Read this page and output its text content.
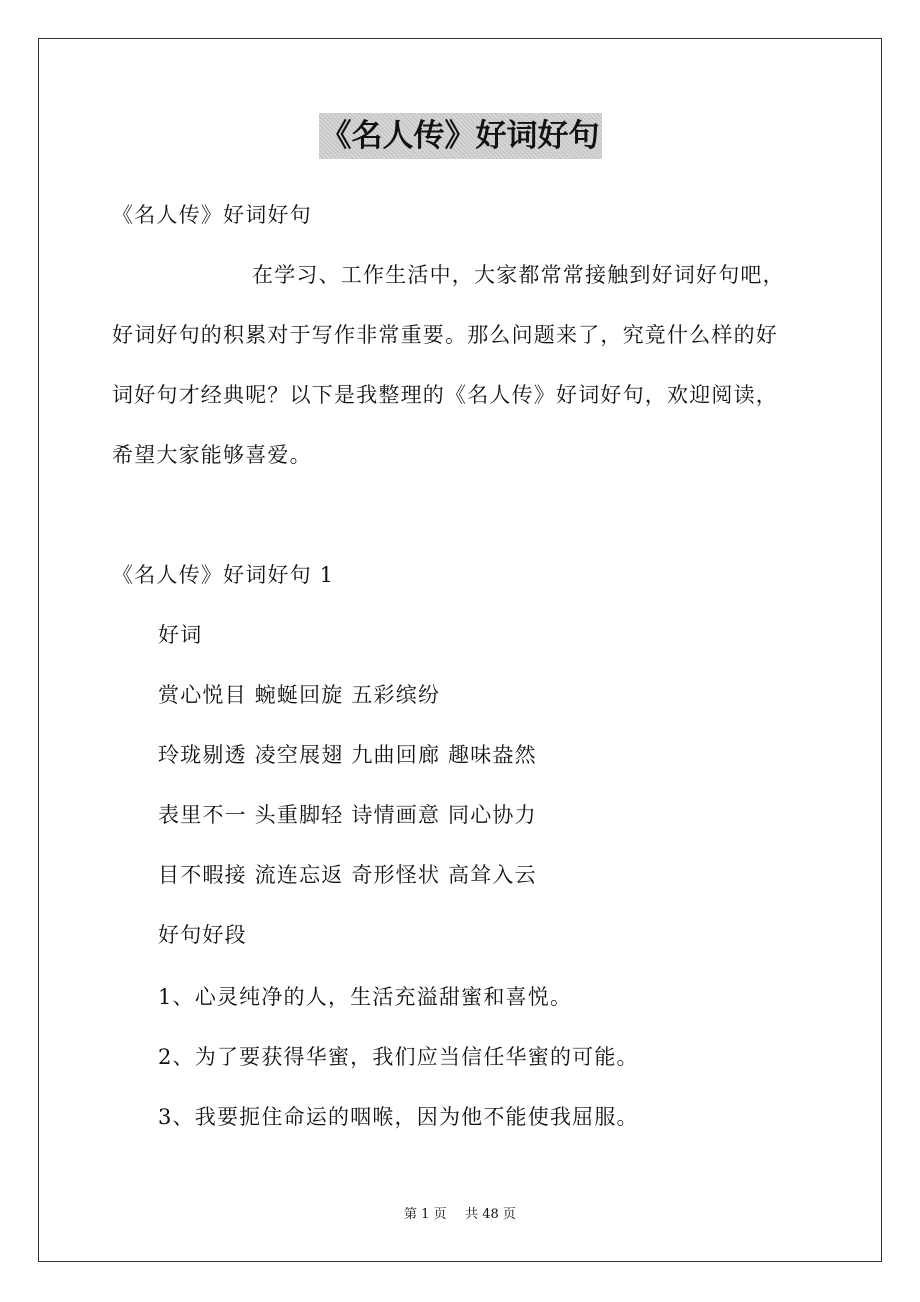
《名人传》好词好句
《名人传》好词好句
在学习、工作生活中，大家都常常接触到好词好句吧，
好词好句的积累对于写作非常重要。那么问题来了，究竟什么样的好
词好句才经典呢？以下是我整理的《名人传》好词好句，欢迎阅读，
希望大家能够喜爱。
《名人传》好词好句 1
好词
赏心悦目 蜿蜒回旋 五彩缤纷
玲珑剔透 凌空展翅 九曲回廊 趣味盎然
表里不一 头重脚轻 诗情画意 同心协力
目不暇接 流连忘返 奇形怪状 高耸入云
好句好段
1、心灵纯净的人，生活充溢甜蜜和喜悦。
2、为了要获得华蜜，我们应当信任华蜜的可能。
3、我要扼住命运的咽喉，因为他不能使我屈服。
第 1 页 共 48 页
